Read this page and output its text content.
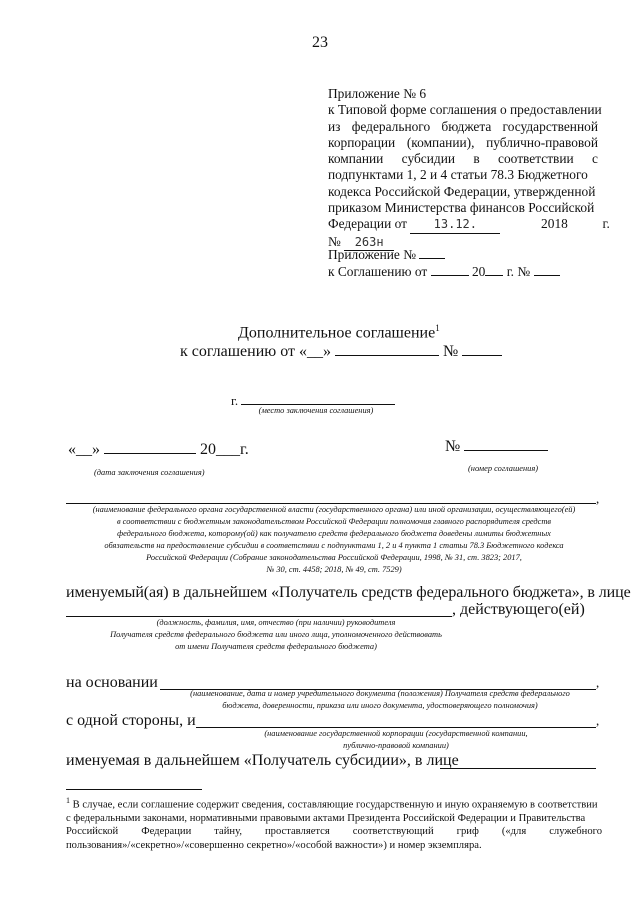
23
Приложение № 6
к Типовой форме соглашения о предоставлении
из федерального бюджета государственной
корпорации (компании), публично-правовой
компании субсидии в соответствии с
подпунктами 1, 2 и 4 статьи 78.3 Бюджетного
кодекса Российской Федерации, утвержденной
приказом Министерства финансов Российской
Федерации от 13.12.	2018	г.
№ 263н
Приложение №
к Соглашению от	20 г. №
Дополнительное соглашение$^1$
к соглашению от «__»	№
г.
(место заключения соглашения)
«__»	20___г.	№
(дата заключения соглашения)	(номер соглашения)
,
(наименование федерального органа государственной власти (государственного органа) или иной организации, осуществляющего(ей)
в соответствии с бюджетным законодательством Российской Федерации полномочия главного распорядителя средств
федерального бюджета, которому(ой) как получателю средств федерального бюджета доведены лимиты бюджетных
обязательств на предоставление субсидии в соответствии с подпунктами 1, 2 и 4 пункта 1 статьи 78.3 Бюджетного кодекса
Российской Федерации (Собрание законодательства Российской Федерации, 1998, № 31, ст. 3823; 2017,
№ 30, ст. 4458; 2018, № 49, ст. 7529)
именуемый(ая) в дальнейшем «Получатель средств федерального бюджета», в лице
, действующего(ей)
(должность, фамилия, имя, отчество (при наличии) руководителя
Получателя средств федерального бюджета или иного лица, уполномоченного действовать
от имени Получателя средств федерального бюджета)
на основании	,
(наименование, дата и номер учредительного документа (положения) Получателя средств федерального
бюджета, доверенности, приказа или иного документа, удостоверяющего полномочия)
с одной стороны, и	,
(наименование государственной корпорации (государственной компании,
публично-правовой компании)
именуемая в дальнейшем «Получатель субсидии», в лице
$^1$ В случае, если соглашение содержит сведения, составляющие государственную и иную охраняемую в соответствии
с федеральными законами, нормативными правовыми актами Президента Российской Федерации и Правительства
Российской Федерации тайну, проставляется соответствующий гриф («для служебного
пользования»/«секретно»/«совершенно секретно»/«особой важности») и номер экземпляра.
